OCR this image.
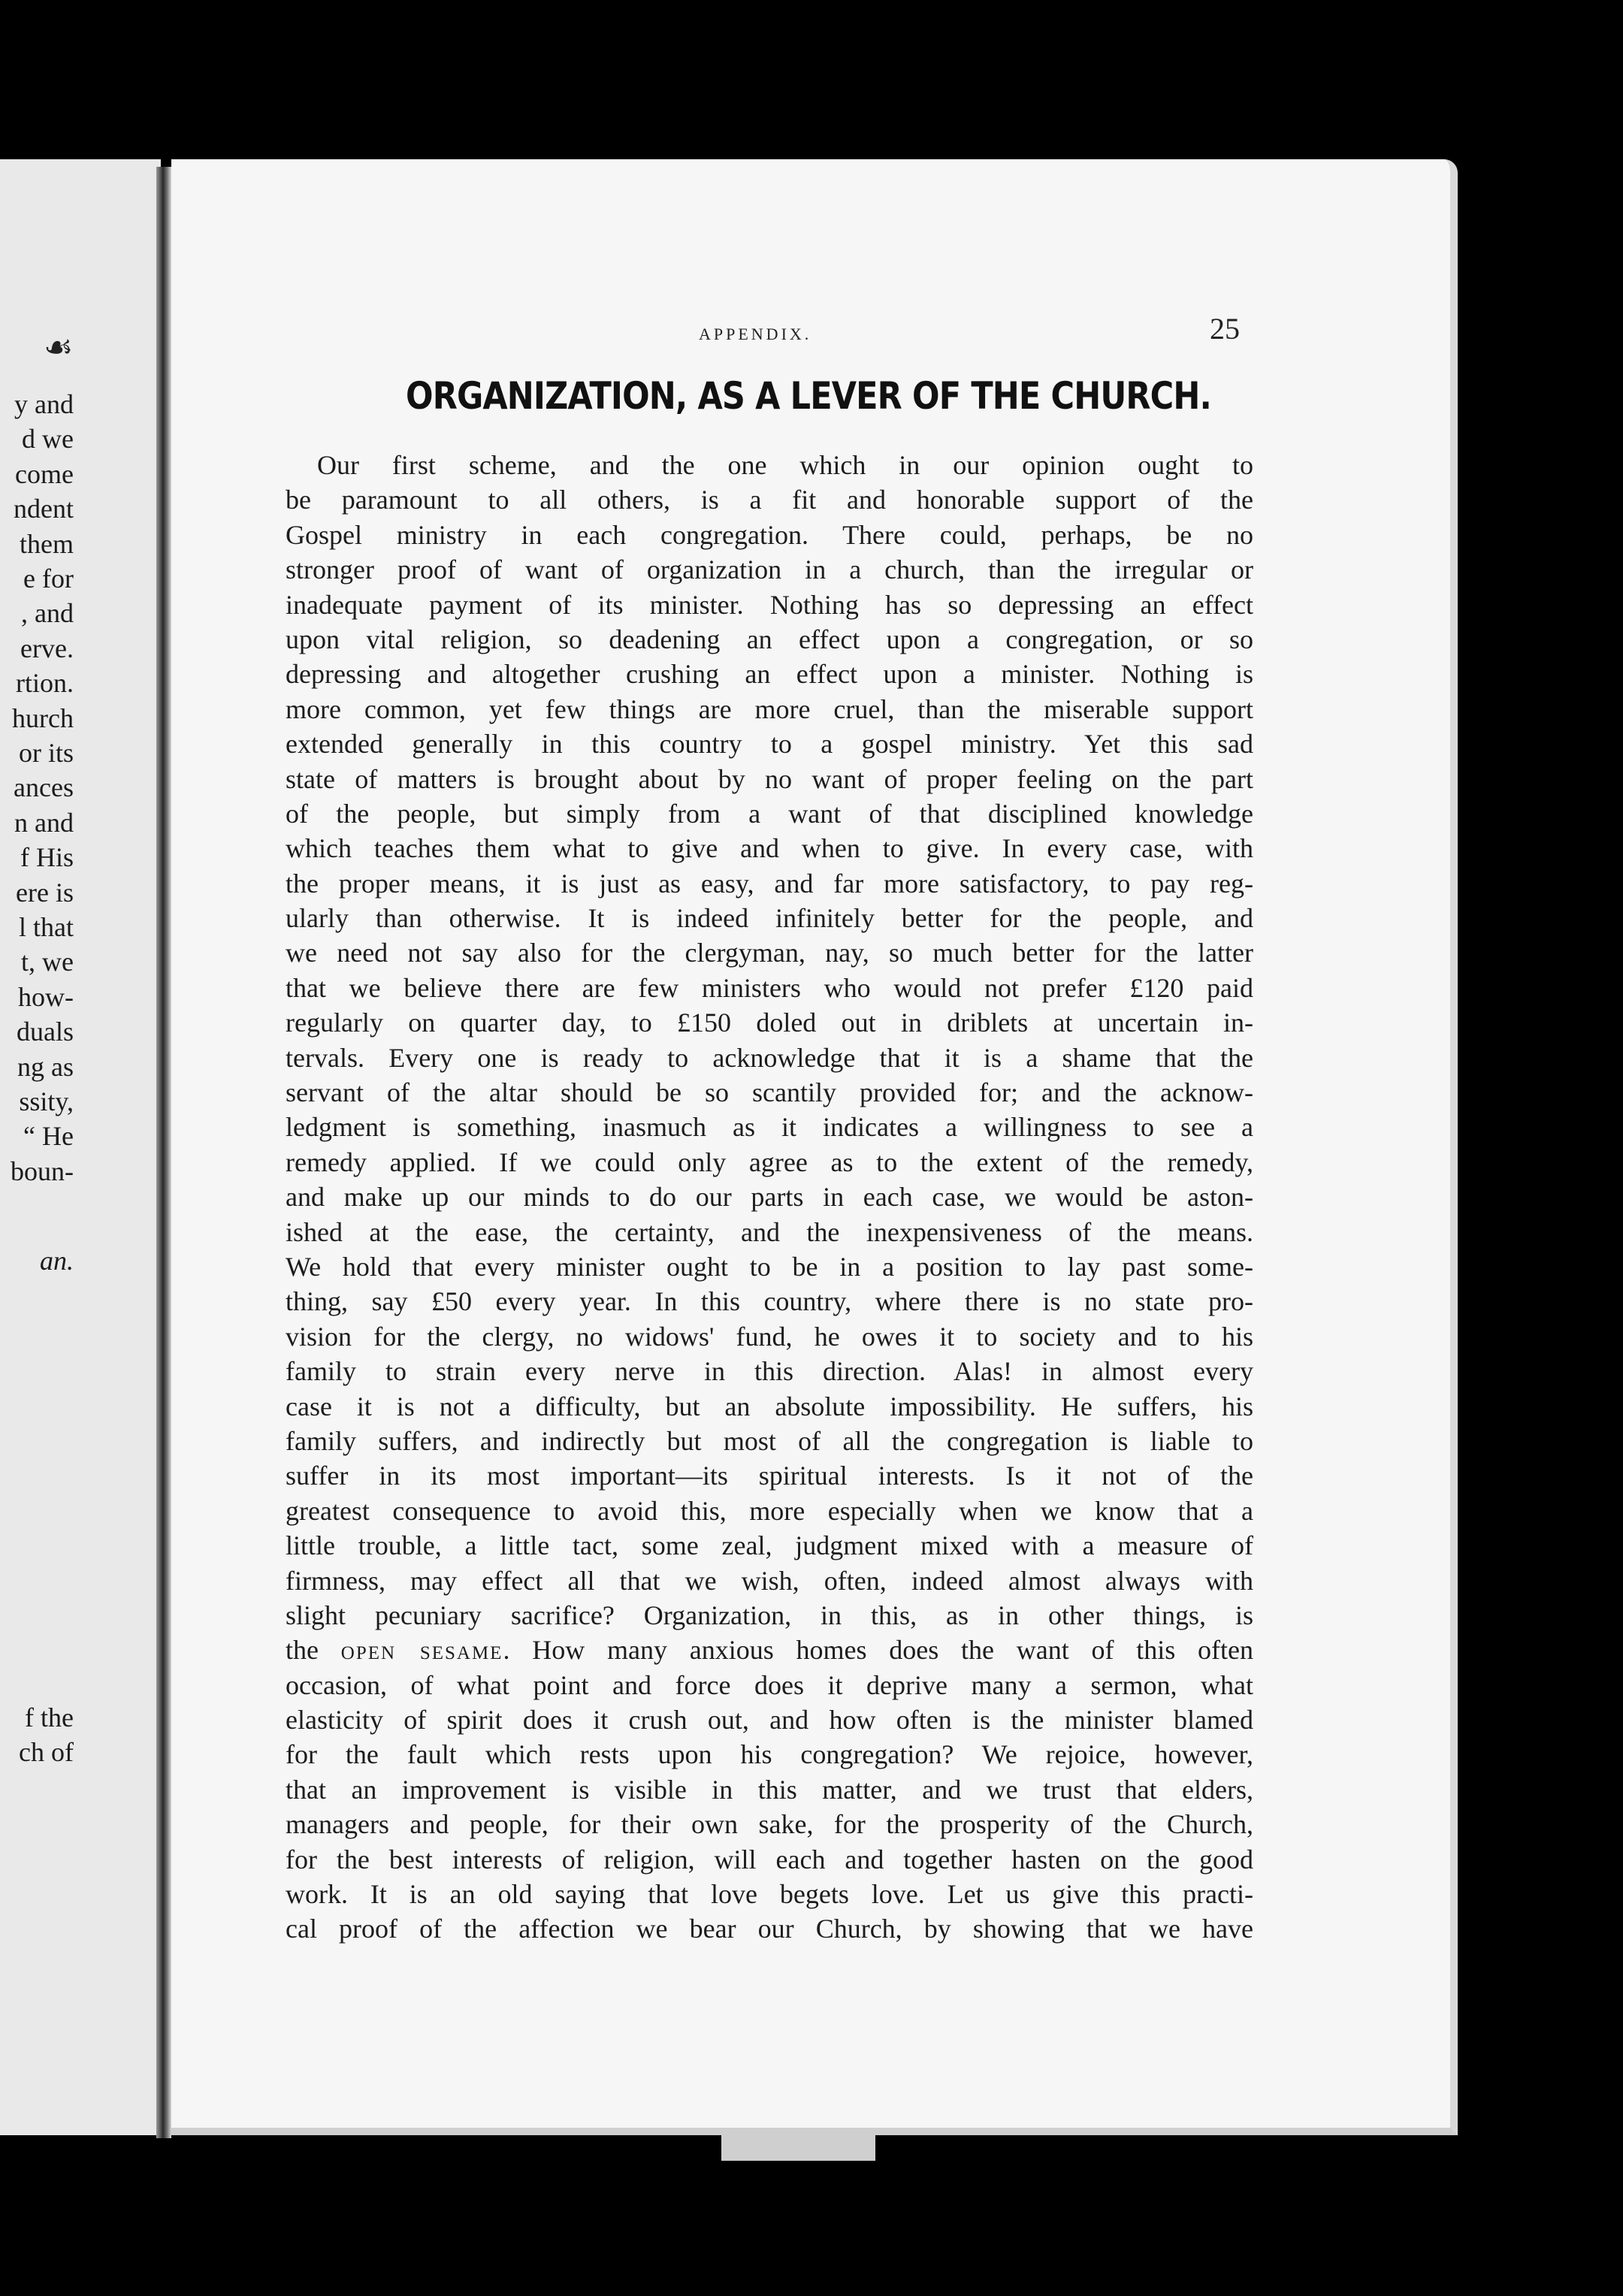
☙
y and
d we
come
ndent
them
e for
, and
erve.
rtion.
hurch
or its
ances
n and
f His
ere is
l that
t, we
how-
duals
ng as
ssity,
“ He
boun-
an.
f the
ch of
APPENDIX.	25
ORGANIZATION, AS A LEVER OF THE CHURCH.
Our first scheme, and the one which in our opinion ought to
be paramount to all others, is a fit and honorable support of the
Gospel ministry in each congregation. There could, perhaps, be no
stronger proof of want of organization in a church, than the irregular or
inadequate payment of its minister. Nothing has so depressing an effect
upon vital religion, so deadening an effect upon a congregation, or so
depressing and altogether crushing an effect upon a minister. Nothing is
more common, yet few things are more cruel, than the miserable support
extended generally in this country to a gospel ministry. Yet this sad
state of matters is brought about by no want of proper feeling on the part
of the people, but simply from a want of that disciplined knowledge
which teaches them what to give and when to give. In every case, with
the proper means, it is just as easy, and far more satisfactory, to pay reg-
ularly than otherwise. It is indeed infinitely better for the people, and
we need not say also for the clergyman, nay, so much better for the latter
that we believe there are few ministers who would not prefer £120 paid
regularly on quarter day, to £150 doled out in driblets at uncertain in-
tervals. Every one is ready to acknowledge that it is a shame that the
servant of the altar should be so scantily provided for; and the acknow-
ledgment is something, inasmuch as it indicates a willingness to see a
remedy applied. If we could only agree as to the extent of the remedy,
and make up our minds to do our parts in each case, we would be aston-
ished at the ease, the certainty, and the inexpensiveness of the means.
We hold that every minister ought to be in a position to lay past some-
thing, say £50 every year. In this country, where there is no state pro-
vision for the clergy, no widows' fund, he owes it to society and to his
family to strain every nerve in this direction. Alas! in almost every
case it is not a difficulty, but an absolute impossibility. He suffers, his
family suffers, and indirectly but most of all the congregation is liable to
suffer in its most important—its spiritual interests. Is it not of the
greatest consequence to avoid this, more especially when we know that a
little trouble, a little tact, some zeal, judgment mixed with a measure of
firmness, may effect all that we wish, often, indeed almost always with
slight pecuniary sacrifice? Organization, in this, as in other things, is
the open sesame. How many anxious homes does the want of this often
occasion, of what point and force does it deprive many a sermon, what
elasticity of spirit does it crush out, and how often is the minister blamed
for the fault which rests upon his congregation? We rejoice, however,
that an improvement is visible in this matter, and we trust that elders,
managers and people, for their own sake, for the prosperity of the Church,
for the best interests of religion, will each and together hasten on the good
work. It is an old saying that love begets love. Let us give this practi-
cal proof of the affection we bear our Church, by showing that we have
